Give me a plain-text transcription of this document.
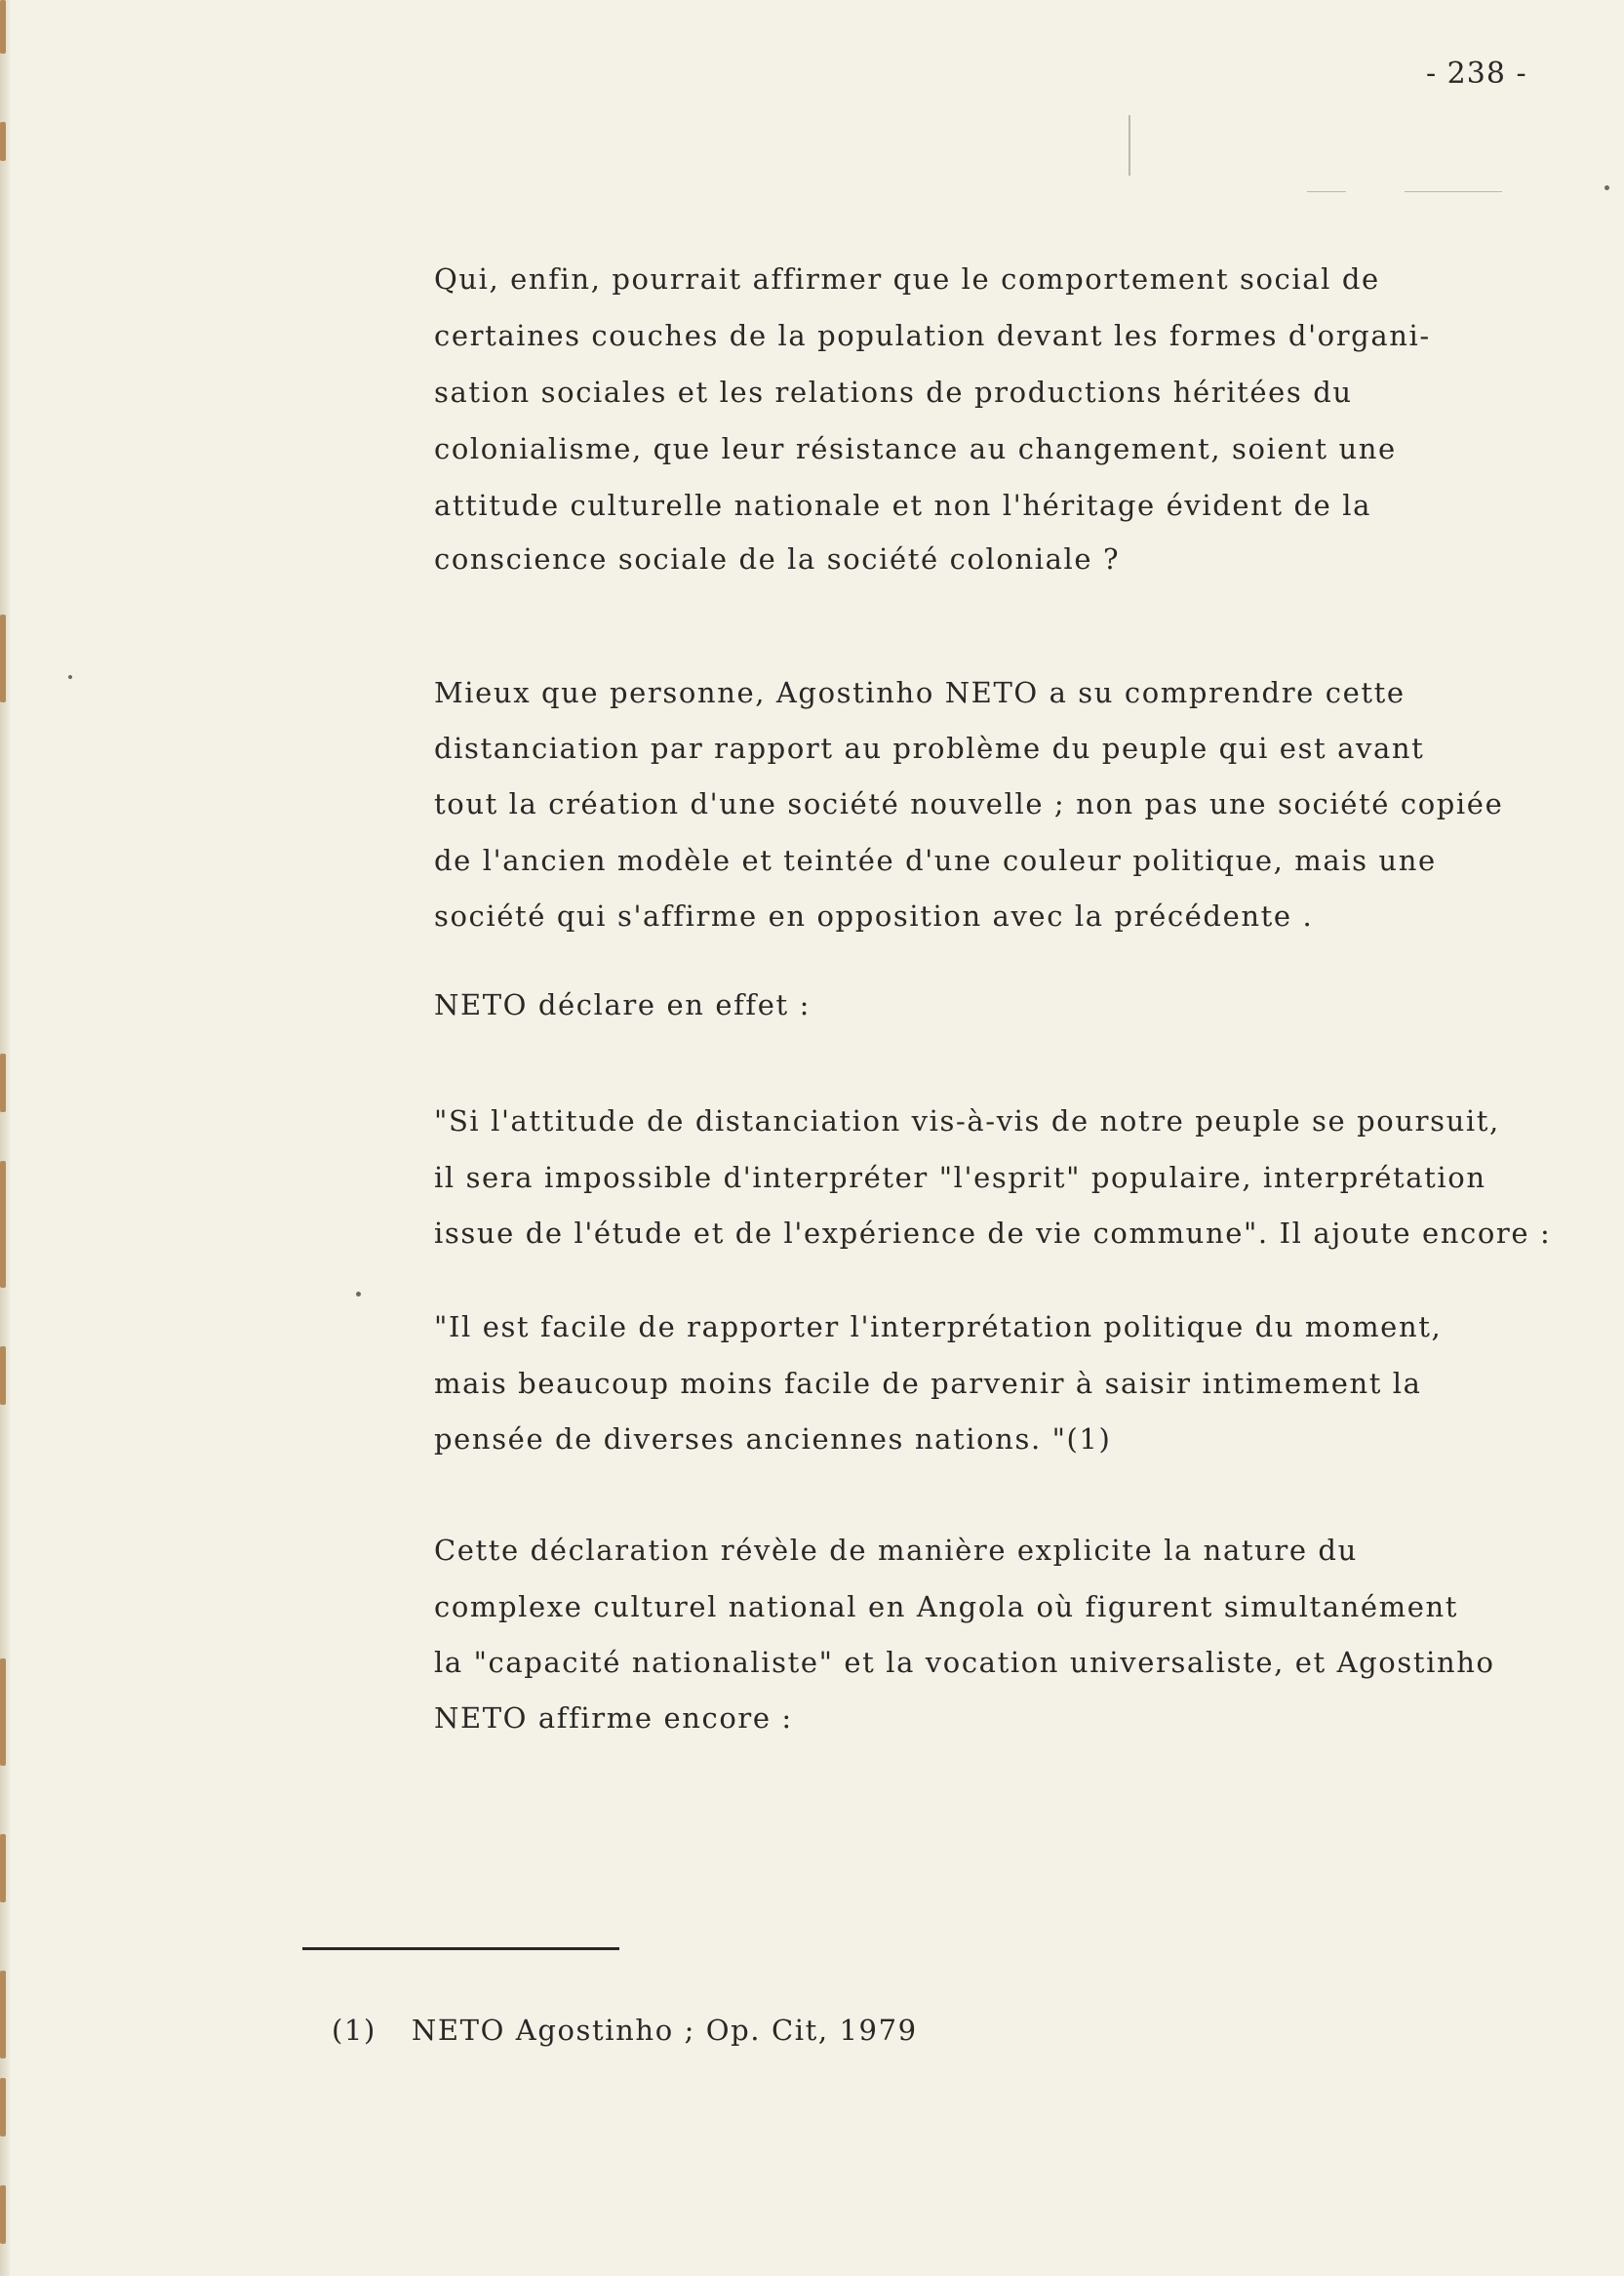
- 238 -
Qui, enfin, pourrait affirmer que le comportement social de
certaines couches de la population devant les formes d'organi-
sation sociales et les relations de productions héritées du
colonialisme, que leur résistance au changement, soient une
attitude culturelle nationale et non l'héritage évident de la
conscience sociale de la société coloniale ?
Mieux que personne, Agostinho NETO a su comprendre cette
distanciation par rapport au problème du peuple qui est avant
tout la création d'une société nouvelle ; non pas une société copiée
de l'ancien modèle et teintée d'une couleur politique, mais une
société qui s'affirme en opposition avec la précédente .
NETO déclare en effet :
"Si l'attitude de distanciation vis-à-vis de notre peuple se poursuit,
il sera impossible d'interpréter "l'esprit" populaire, interprétation
issue de l'étude et de l'expérience de vie commune". Il ajoute encore :
"Il est facile de rapporter l'interprétation politique du moment,
mais beaucoup moins facile de parvenir à saisir intimement la
pensée de diverses anciennes nations. "(1)
Cette déclaration révèle de manière explicite la nature du
complexe culturel national en Angola où figurent simultanément
la "capacité nationaliste" et la vocation universaliste, et Agostinho
NETO affirme encore :
(1) NETO Agostinho ; Op. Cit, 1979
